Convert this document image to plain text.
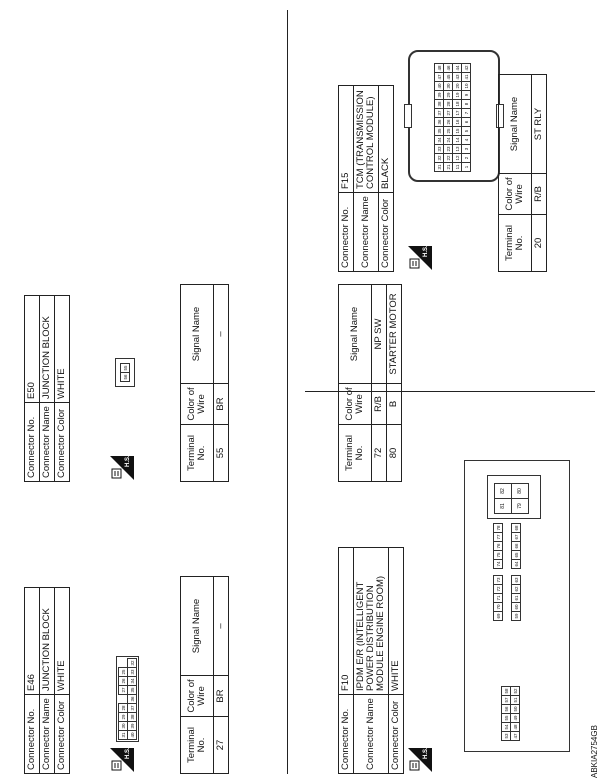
Connector No.	E46
Connector Name	JUNCTION BLOCK
Connector Color	WHITE
H.S.
31	30	29	28		27	26	25	
40	39	38	37	36	35	34	33	32
Terminal No.	Color of Wire	Signal Name
27	BR	–
Connector No.	E50
Connector Name	JUNCTION BLOCK
Connector Color	WHITE
H.S.
56	55
Terminal No.	Color of Wire	Signal Name
55	BR	–
Connector No.	F10
Connector Name	IPDM E/R (INTELLIGENT POWER DISTRIBUTION MODULE ENGINE ROOM)
Connector Color	WHITE
H.S.
53	54	55	56	57	58
47	48	49	50	51	52
69	70	71	72	73		74	75	76	77	78
59	60	61	62	63		64	65	66	67	68
81	82
79	80
Terminal No.	Color of Wire	Signal Name
72	R/B	NP SW
80	B	STARTER MOTOR
Connector No.	F15
Connector Name	TCM (TRANSMISSION CONTROL MODULE)
Connector Color	BLACK
H.S.
31	32	33	34	35	36	37	38	39	40	47	48
21	22	23	24	25	26	27	28	29	30	45	46
11	12	13	14	15	16	17	18	19	20	43	44
1	2	3	4	5	6	7	8	9	10	41	42
Terminal No.	Color of Wire	Signal Name
20	R/B	ST RLY
ABKIA2754GB
